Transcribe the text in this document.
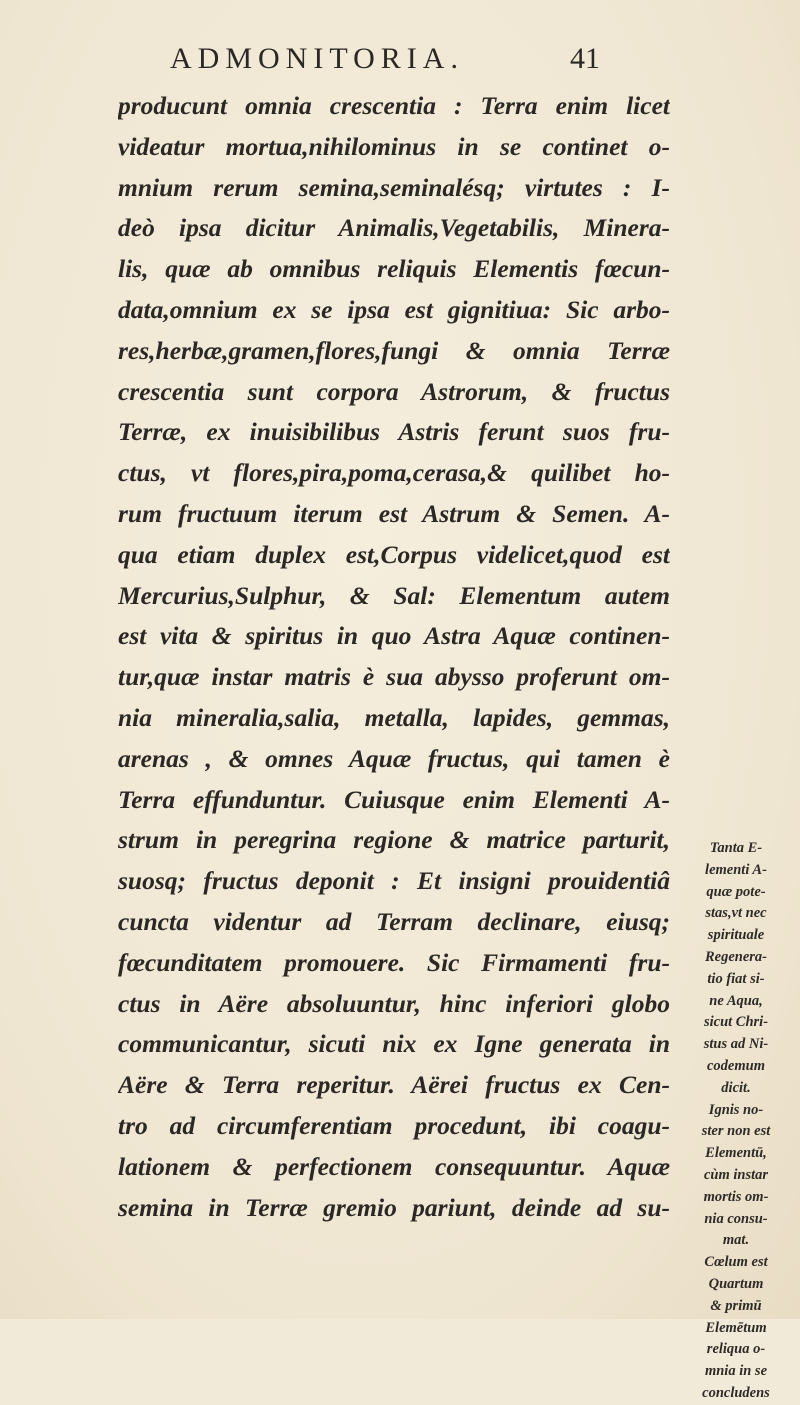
ADMONITORIA.	41
producunt omnia crescentia : Terra enim licet
videatur mortua,nihilominus in se continet o-
mnium rerum semina,seminalésq; virtutes : I-
deò ipsa dicitur Animalis,Vegetabilis, Minera-
lis, quæ ab omnibus reliquis Elementis fœcun-
data,omnium ex se ipsa est gignitiua: Sic arbo-
res,herbæ,gramen,flores,fungi & omnia Terræ
crescentia sunt corpora Astrorum, & fructus
Terræ, ex inuisibilibus Astris ferunt suos fru-
ctus, vt flores,pira,poma,cerasa,& quilibet ho-
rum fructuum iterum est Astrum & Semen. A-
qua etiam duplex est,Corpus videlicet,quod est
Mercurius,Sulphur, & Sal: Elementum autem
est vita & spiritus in quo Astra Aquæ continen-
tur,quæ instar matris è sua abysso proferunt om-
nia mineralia,salia, metalla, lapides, gemmas,
arenas , & omnes Aquæ fructus, qui tamen è
Terra effunduntur. Cuiusque enim Elementi A-
strum in peregrina regione & matrice parturit,
suosq; fructus deponit : Et insigni prouidentiâ
cuncta videntur ad Terram declinare, eiusq;
fœcunditatem promouere. Sic Firmamenti fru-
ctus in Aëre absoluuntur, hinc inferiori globo
communicantur, sicuti nix ex Igne generata in
Aëre & Terra reperitur. Aërei fructus ex Cen-
tro ad circumferentiam procedunt, ibi coagu-
lationem & perfectionem consequuntur. Aquæ
semina in Terræ gremio pariunt, deinde ad su-
Tanta E-
lementi A-
quæ pote-
stas,vt nec
spirituale
Regenera-
tio fiat si-
ne Aqua,
sicut Chri-
stus ad Ni-
codemum
dicit.
Ignis no-
ster non est
Elementū,
cùm instar
mortis om-
nia consu-
mat.
Cœlum est
Quartum
& primū
Elemētum
reliqua o-
mnia in se
concludens
